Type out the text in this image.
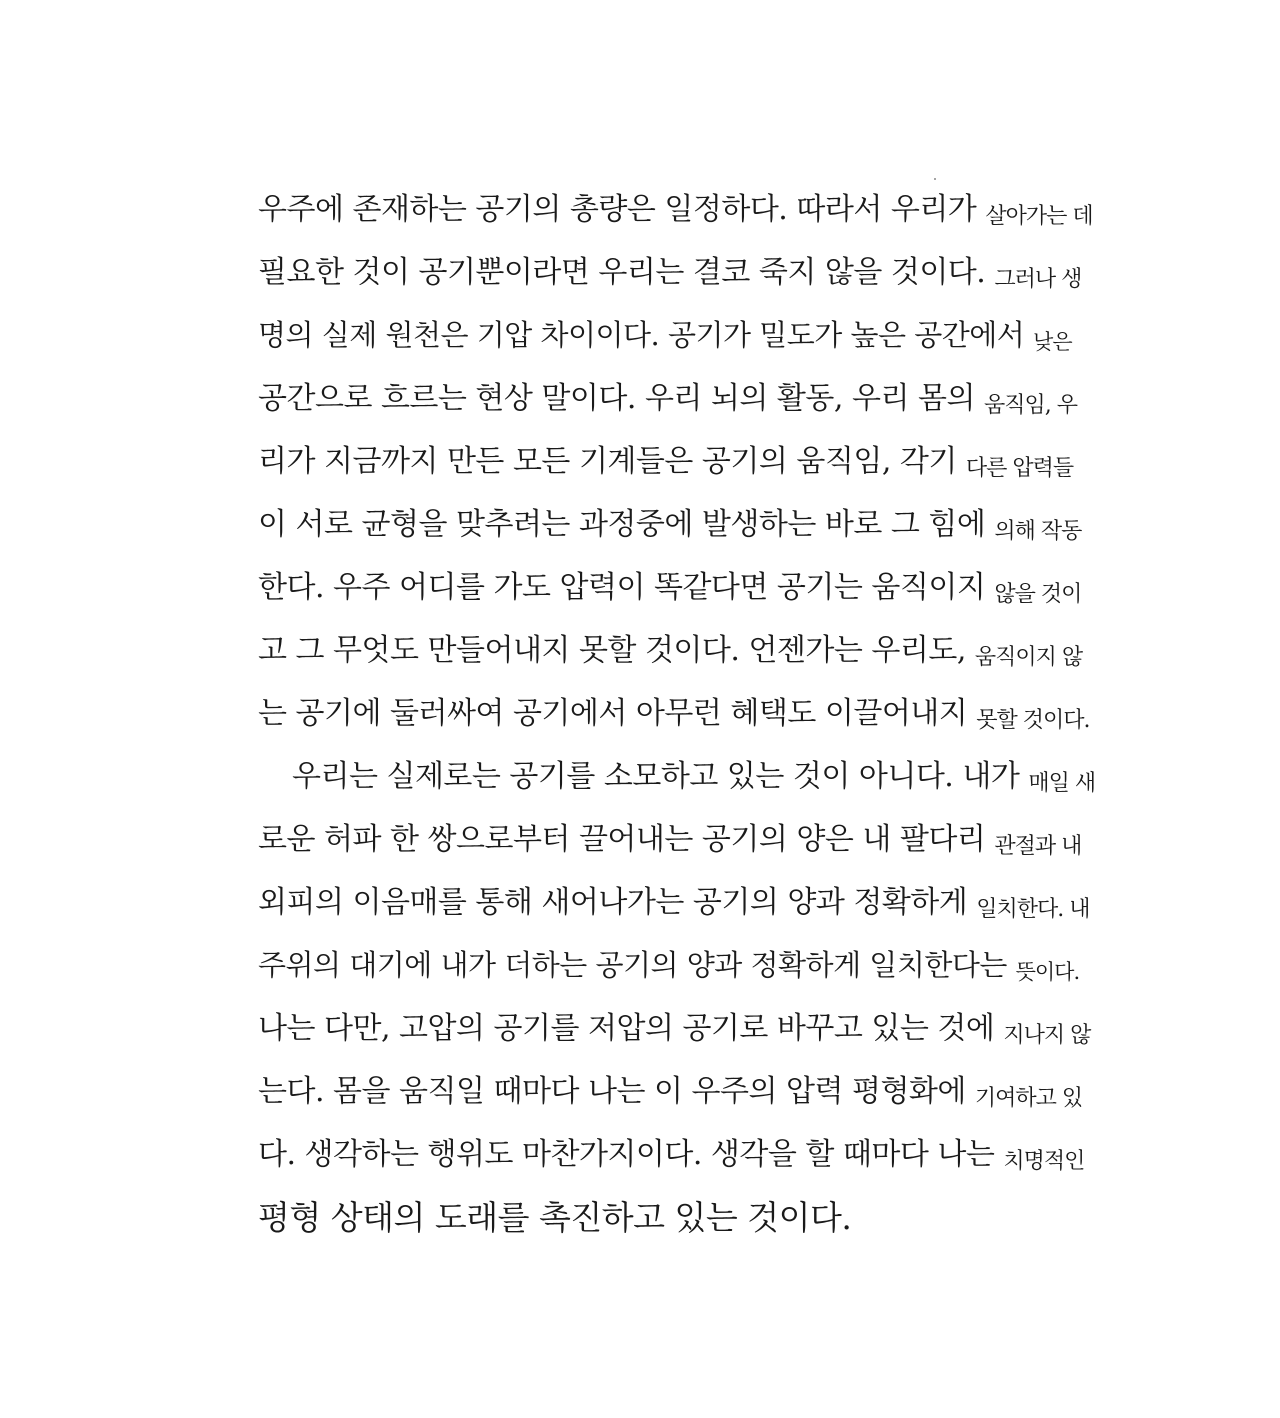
우주에 존재하는 공기의 총량은 일정하다. 따라서 우리가 살아가는 데
필요한 것이 공기뿐이라면 우리는 결코 죽지 않을 것이다. 그러나 생
명의 실제 원천은 기압 차이이다. 공기가 밀도가 높은 공간에서 낮은
공간으로 흐르는 현상 말이다. 우리 뇌의 활동, 우리 몸의 움직임, 우
리가 지금까지 만든 모든 기계들은 공기의 움직임, 각기 다른 압력들
이 서로 균형을 맞추려는 과정중에 발생하는 바로 그 힘에 의해 작동
한다. 우주 어디를 가도 압력이 똑같다면 공기는 움직이지 않을 것이
고 그 무엇도 만들어내지 못할 것이다. 언젠가는 우리도, 움직이지 않
는 공기에 둘러싸여 공기에서 아무런 혜택도 이끌어내지 못할 것이다.
우리는 실제로는 공기를 소모하고 있는 것이 아니다. 내가 매일 새
로운 허파 한 쌍으로부터 끌어내는 공기의 양은 내 팔다리 관절과 내
외피의 이음매를 통해 새어나가는 공기의 양과 정확하게 일치한다. 내
주위의 대기에 내가 더하는 공기의 양과 정확하게 일치한다는 뜻이다.
나는 다만, 고압의 공기를 저압의 공기로 바꾸고 있는 것에 지나지 않
는다. 몸을 움직일 때마다 나는 이 우주의 압력 평형화에 기여하고 있
다. 생각하는 행위도 마찬가지이다. 생각을 할 때마다 나는 치명적인
평형 상태의 도래를 촉진하고 있는 것이다.
